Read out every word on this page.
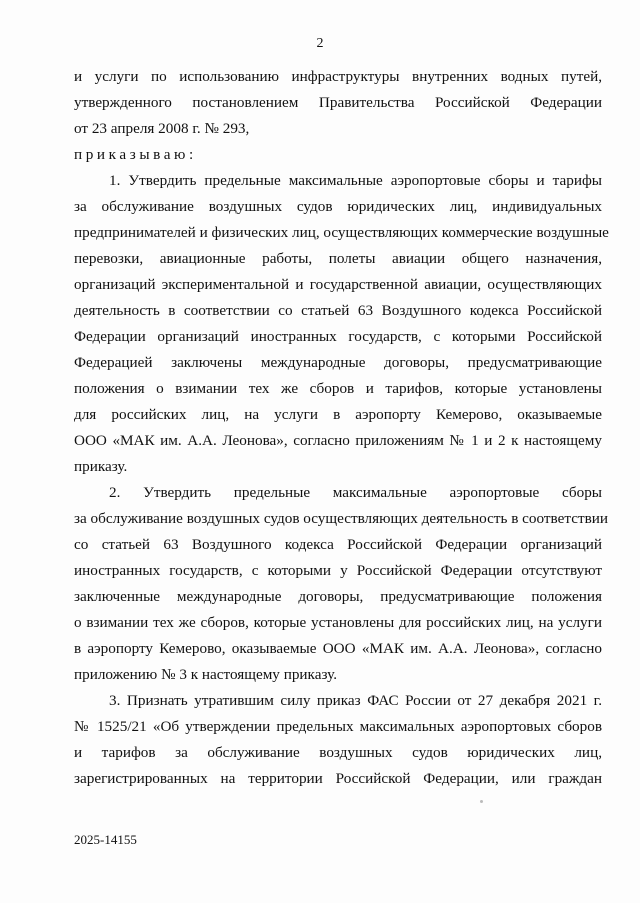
2
и услуги по использованию инфраструктуры внутренних водных путей,
утвержденного постановлением Правительства Российской Федерации
от 23 апреля 2008 г. № 293,
приказываю:
1. Утвердить предельные максимальные аэропортовые сборы и тарифы
за обслуживание воздушных судов юридических лиц, индивидуальных
предпринимателей и физических лиц, осуществляющих коммерческие воздушные
перевозки, авиационные работы, полеты авиации общего назначения,
организаций экспериментальной и государственной авиации, осуществляющих
деятельность в соответствии со статьей 63 Воздушного кодекса Российской
Федерации организаций иностранных государств, с которыми Российской
Федерацией заключены международные договоры, предусматривающие
положения о взимании тех же сборов и тарифов, которые установлены
для российских лиц, на услуги в аэропорту Кемерово, оказываемые
ООО «МАК им. А.А. Леонова», согласно приложениям № 1 и 2 к настоящему
приказу.
2. Утвердить предельные максимальные аэропортовые сборы
за обслуживание воздушных судов осуществляющих деятельность в соответствии
со статьей 63 Воздушного кодекса Российской Федерации организаций
иностранных государств, с которыми у Российской Федерации отсутствуют
заключенные международные договоры, предусматривающие положения
о взимании тех же сборов, которые установлены для российских лиц, на услуги
в аэропорту Кемерово, оказываемые ООО «МАК им. А.А. Леонова», согласно
приложению № 3 к настоящему приказу.
3. Признать утратившим силу приказ ФАС России от 27 декабря 2021 г.
№ 1525/21 «Об утверждении предельных максимальных аэропортовых сборов
и тарифов за обслуживание воздушных судов юридических лиц,
зарегистрированных на территории Российской Федерации, или граждан
2025-14155
